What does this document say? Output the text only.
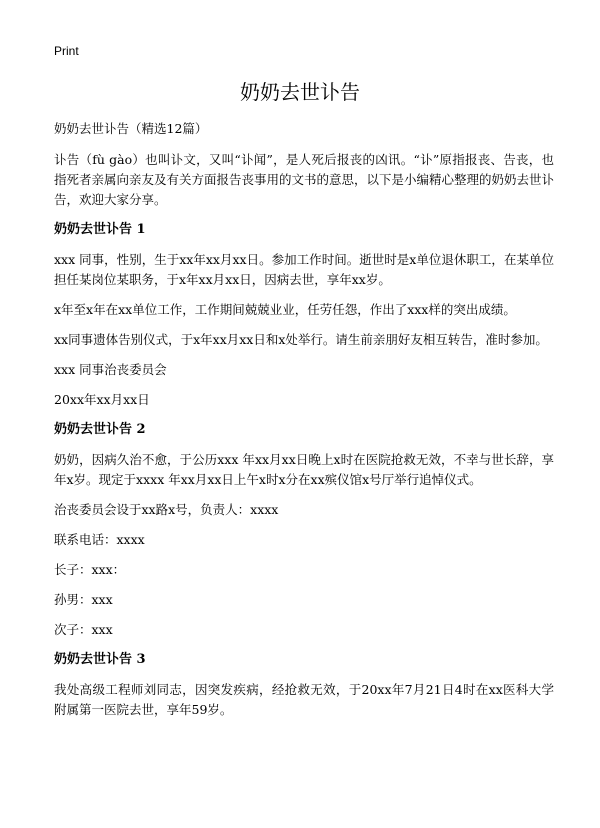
Print
奶奶去世讣告

奶奶去世讣告（精选12篇）

讣告（fù gào）也叫讣文，又叫“讣闻”，是人死后报丧的凶讯。“讣”原指报丧、告丧，也指死者亲属向亲友及有关方面报告丧事用的文书的意思，以下是小编精心整理的奶奶去世讣告，欢迎大家分享。

奶奶去世讣告 1

xxx 同事，性别，生于xx年xx月xx日。参加工作时间。逝世时是x单位退休职工，在某单位担任某岗位某职务，于x年xx月xx日，因病去世，享年xx岁。

x年至x年在xx单位工作，工作期间兢兢业业，任劳任怨，作出了xxx样的突出成绩。

xx同事遗体告别仪式，于x年xx月xx日和x处举行。请生前亲朋好友相互转告，准时参加。

xxx 同事治丧委员会

20xx年xx月xx日

奶奶去世讣告 2

奶奶，因病久治不愈，于公历xxx 年xx月xx日晚上x时在医院抢救无效，不幸与世长辞，享年x岁。现定于xxxx 年xx月xx日上午x时x分在xx殡仪馆x号厅举行追悼仪式。

治丧委员会设于xx路x号，负责人：xxxx

联系电话：xxxx

长子：xxx：

孙男：xxx

次子：xxx

奶奶去世讣告 3

我处高级工程师刘同志，因突发疾病，经抢救无效，于20xx年7月21日4时在xx医科大学附属第一医院去世，享年59岁。
